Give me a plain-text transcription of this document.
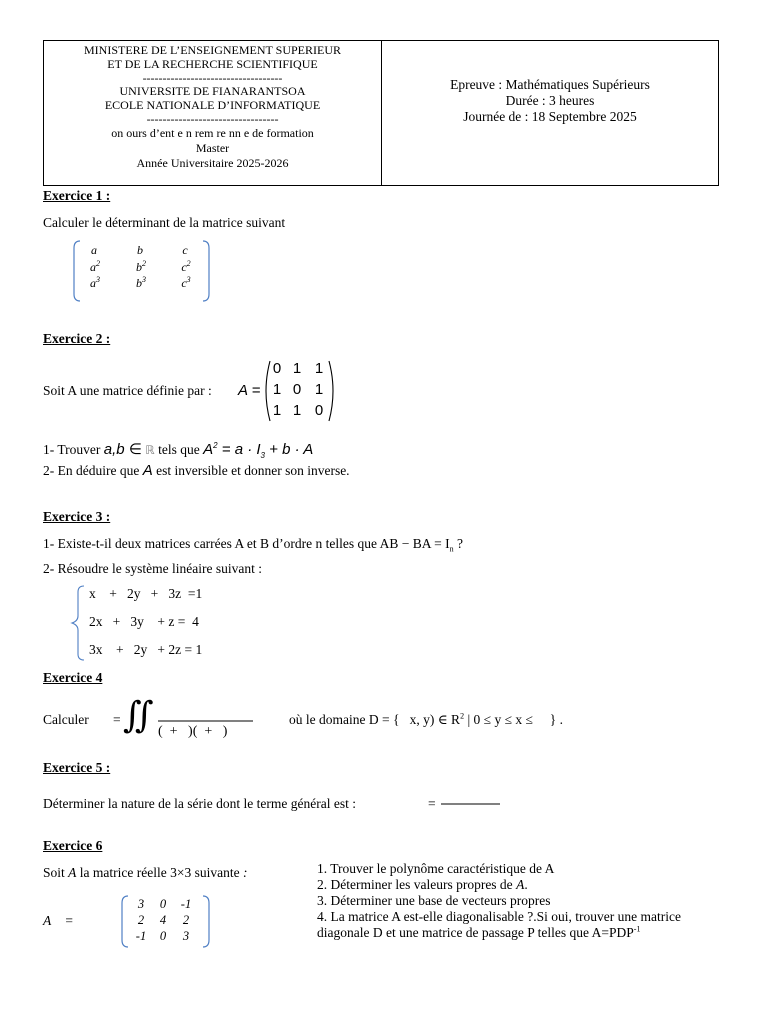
MINISTERE DE L’ENSEIGNEMENT SUPERIEUR
ET DE LA RECHERCHE SCIENTIFIQUE
-----------------------------------
UNIVERSITE DE FIANARANTSOA
ECOLE NATIONALE D’INFORMATIQUE
---------------------------------
on ours d’ent e n rem re nn e de formation
Master
Année Universitaire 2025-2026
Epreuve : Mathématiques Supérieurs
Durée : 3 heures
Journée de : 18 Septembre 2025
Exercice 1 :
Calculer le déterminant de la matrice suivant
a	b	c
$a^2$	$b^2$	$c^2$
$a^3$	$b^3$	$c^3$
Exercice 2 :
Soit A une matrice définie par : A =
0 1 1
1 0 1
1 1 0
1- Trouver a,b ∈ ℝ tels que $A^2 = a \cdot I_3 + b \cdot A$
2- En déduire que A est inversible et donner son inverse.
Exercice 3 :
1- Existe-t-il deux matrices carrées A et B d’ordre n telles que AB − BA = $I_n$ ?
2- Résoudre le système linéaire suivant :
x    +   2y   +   3z  =1
2x   +   3y    + z =  4
3x    +   2y   + 2z = 1
Exercice 4
Calculer = ∬ (  +   )(  +   )
où le domaine D = {   x, y) ∈ $R^2$ | 0 ≤ y ≤ x ≤     } .
Exercice 5 :
Déterminer la nature de la série dont le terme général est :	=
Exercice 6
Soit A la matrice réelle 3×3 suivante :
A    =
3	0	-1
2	4	2
-1	0	3
1. Trouver le polynôme caractéristique de A
2. Déterminer les valeurs propres de A.
3. Déterminer une base de vecteurs propres
4. La matrice A est-elle diagonalisable ?.Si oui, trouver une matrice
diagonale D et une matrice de passage P telles que $A=PDP^{-1}$
